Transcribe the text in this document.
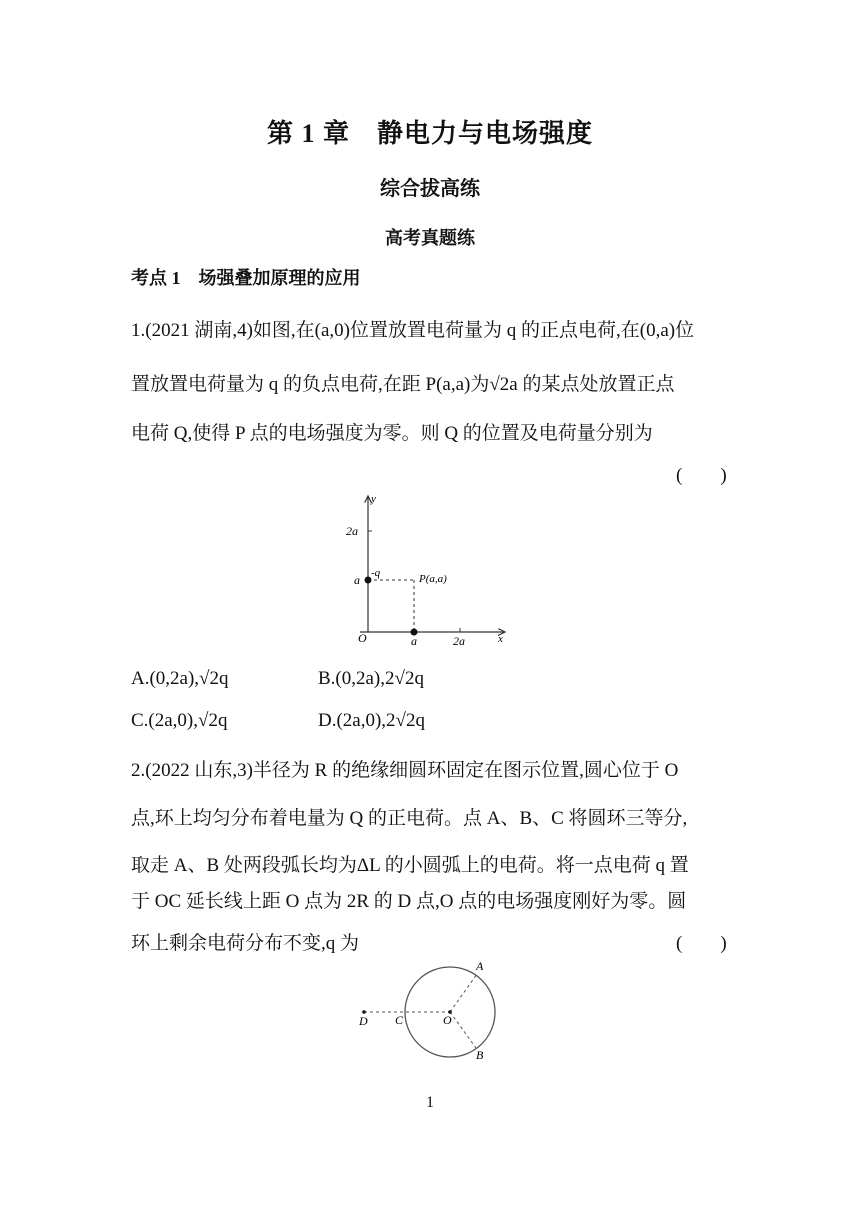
第 1 章　静电力与电场强度
综合拔高练
高考真题练
考点 1　场强叠加原理的应用
1.(2021 湖南,4)如图,在(a,0)位置放置电荷量为 q 的正点电荷,在(0,a)位
置放置电荷量为 q 的负点电荷,在距 P(a,a)为√2a 的某点处放置正点
电荷 Q,使得 P 点的电场强度为零。则 Q 的位置及电荷量分别为
(　　)
y
x
O
2a
a
a	2a
-q	P(a,a)
A.(0,2a),√2q	B.(0,2a),2√2q
C.(2a,0),√2q	D.(2a,0),2√2q
2.(2022 山东,3)半径为 R 的绝缘细圆环固定在图示位置,圆心位于 O
点,环上均匀分布着电量为 Q 的正电荷。点 A、B、C 将圆环三等分,
取走 A、B 处两段弧长均为ΔL 的小圆弧上的电荷。将一点电荷 q 置
于 OC 延长线上距 O 点为 2R 的 D 点,O 点的电场强度刚好为零。圆
环上剩余电荷分布不变,q 为	(　　)
A
B
C
D	O
1
